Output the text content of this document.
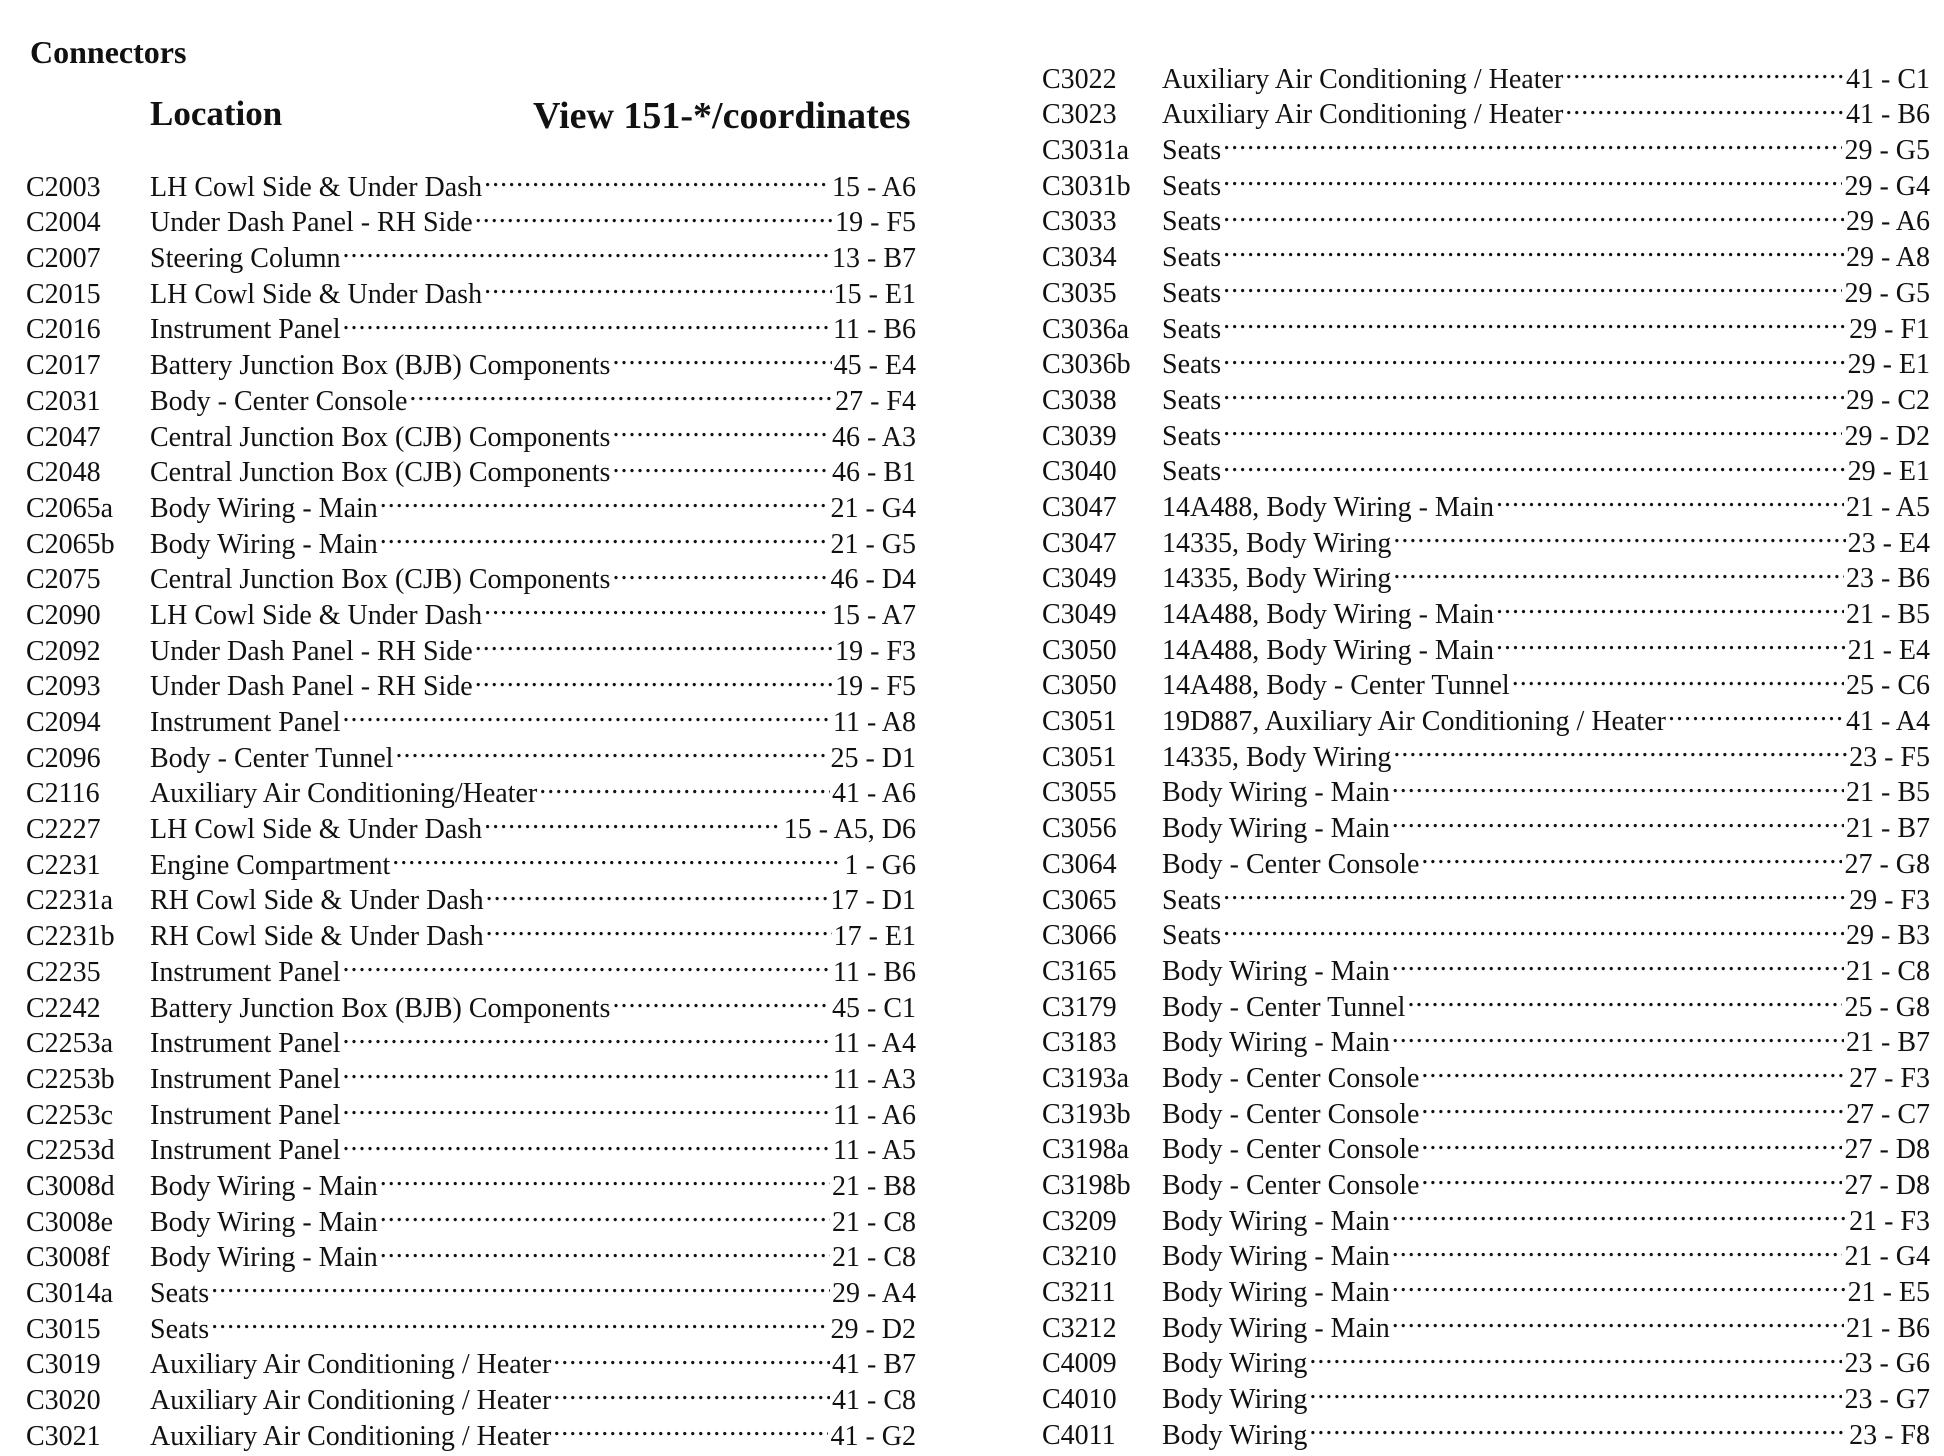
Connectors
Location	View 151-*/coordinates
C2003	LH Cowl Side & Under Dash .....	15 - A6
C2004	Under Dash Panel - RH Side .....	19 - F5
C2007	Steering Column .....	13 - B7
C2015	LH Cowl Side & Under Dash .....	15 - E1
C2016	Instrument Panel .....	11 - B6
C2017	Battery Junction Box (BJB) Components .....	45 - E4
C2031	Body - Center Console .....	27 - F4
C2047	Central Junction Box (CJB) Components .....	46 - A3
C2048	Central Junction Box (CJB) Components .....	46 - B1
C2065a	Body Wiring - Main .....	21 - G4
C2065b	Body Wiring - Main .....	21 - G5
C2075	Central Junction Box (CJB) Components .....	46 - D4
C2090	LH Cowl Side & Under Dash .....	15 - A7
C2092	Under Dash Panel - RH Side .....	19 - F3
C2093	Under Dash Panel - RH Side .....	19 - F5
C2094	Instrument Panel .....	11 - A8
C2096	Body - Center Tunnel .....	25 - D1
C2116	Auxiliary Air Conditioning/Heater .....	41 - A6
C2227	LH Cowl Side & Under Dash .....	15 - A5, D6
C2231	Engine Compartment .....	1 - G6
C2231a	RH Cowl Side & Under Dash .....	17 - D1
C2231b	RH Cowl Side & Under Dash .....	17 - E1
C2235	Instrument Panel .....	11 - B6
C2242	Battery Junction Box (BJB) Components .....	45 - C1
C2253a	Instrument Panel .....	11 - A4
C2253b	Instrument Panel .....	11 - A3
C2253c	Instrument Panel .....	11 - A6
C2253d	Instrument Panel .....	11 - A5
C3008d	Body Wiring - Main .....	21 - B8
C3008e	Body Wiring - Main .....	21 - C8
C3008f	Body Wiring - Main .....	21 - C8
C3014a	Seats .....	29 - A4
C3015	Seats .....	29 - D2
C3019	Auxiliary Air Conditioning / Heater .....	41 - B7
C3020	Auxiliary Air Conditioning / Heater .....	41 - C8
C3021	Auxiliary Air Conditioning / Heater .....	41 - G2
C3022	Auxiliary Air Conditioning / Heater .....	41 - C1
C3023	Auxiliary Air Conditioning / Heater .....	41 - B6
C3031a	Seats .....	29 - G5
C3031b	Seats .....	29 - G4
C3033	Seats .....	29 - A6
C3034	Seats .....	29 - A8
C3035	Seats .....	29 - G5
C3036a	Seats .....	29 - F1
C3036b	Seats .....	29 - E1
C3038	Seats .....	29 - C2
C3039	Seats .....	29 - D2
C3040	Seats .....	29 - E1
C3047	14A488, Body Wiring - Main .....	21 - A5
C3047	14335, Body Wiring .....	23 - E4
C3049	14335, Body Wiring .....	23 - B6
C3049	14A488, Body Wiring - Main .....	21 - B5
C3050	14A488, Body Wiring - Main .....	21 - E4
C3050	14A488, Body - Center Tunnel .....	25 - C6
C3051	19D887, Auxiliary Air Conditioning / Heater .....	41 - A4
C3051	14335, Body Wiring .....	23 - F5
C3055	Body Wiring - Main .....	21 - B5
C3056	Body Wiring - Main .....	21 - B7
C3064	Body - Center Console .....	27 - G8
C3065	Seats .....	29 - F3
C3066	Seats .....	29 - B3
C3165	Body Wiring - Main .....	21 - C8
C3179	Body - Center Tunnel .....	25 - G8
C3183	Body Wiring - Main .....	21 - B7
C3193a	Body - Center Console .....	27 - F3
C3193b	Body - Center Console .....	27 - C7
C3198a	Body - Center Console .....	27 - D8
C3198b	Body - Center Console .....	27 - D8
C3209	Body Wiring - Main .....	21 - F3
C3210	Body Wiring - Main .....	21 - G4
C3211	Body Wiring - Main .....	21 - E5
C3212	Body Wiring - Main .....	21 - B6
C4009	Body Wiring .....	23 - G6
C4010	Body Wiring .....	23 - G7
C4011	Body Wiring .....	23 - F8
